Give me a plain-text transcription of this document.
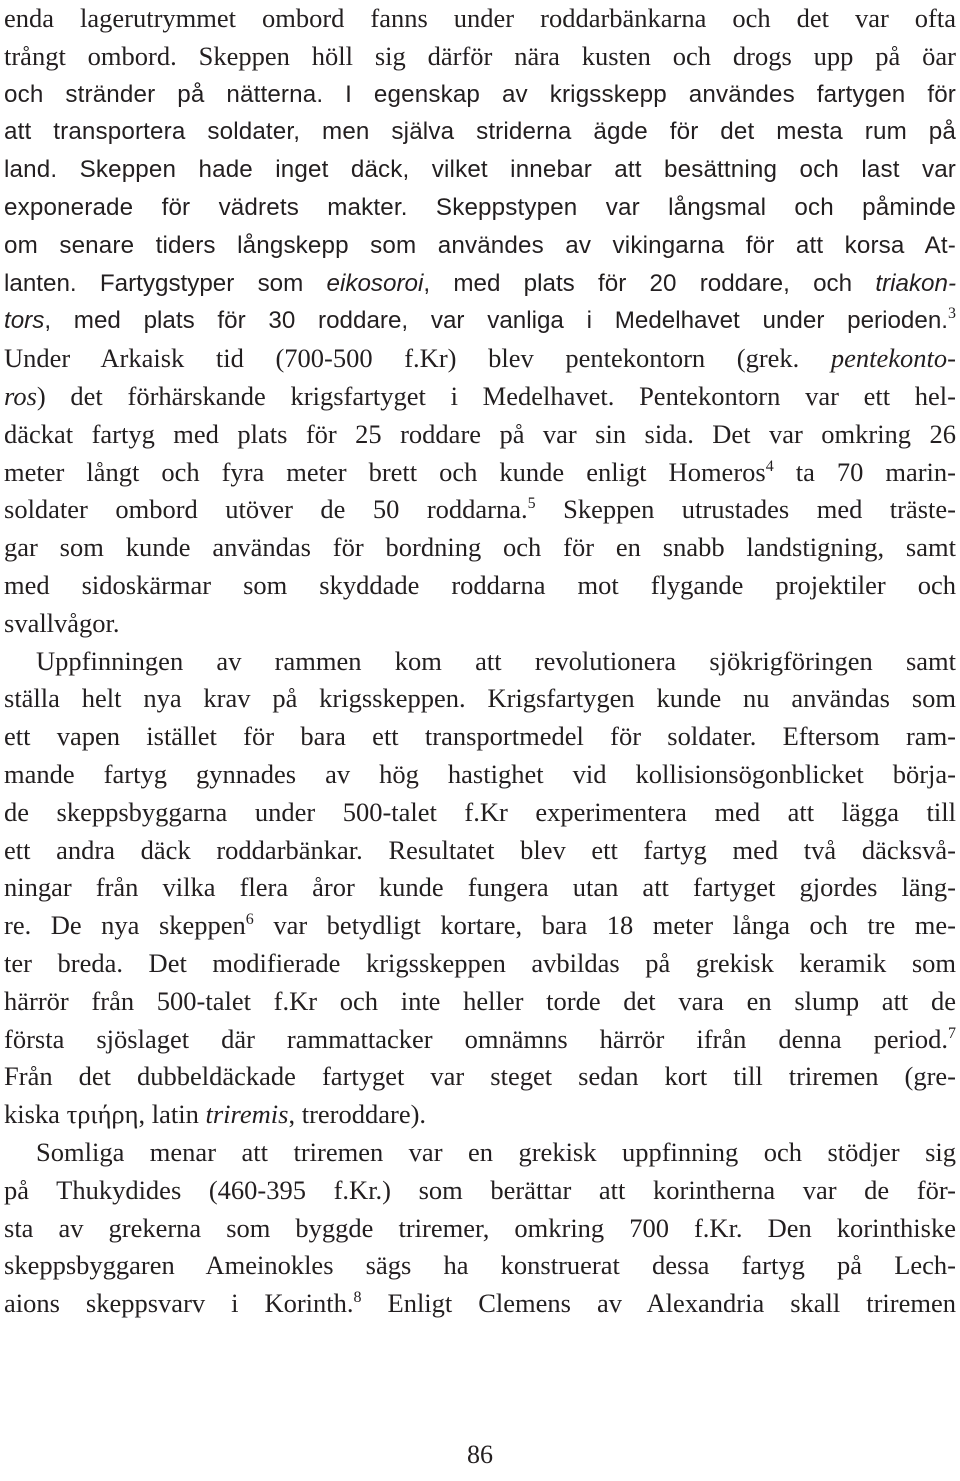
enda lagerutrymmet ombord fanns under roddarbänkarna och det var ofta
trångt ombord. Skeppen höll sig därför nära kusten och drogs upp på öar
och stränder på nätterna. I egenskap av krigsskepp användes fartygen för
att transportera soldater, men själva striderna ägde för det mesta rum på
land. Skeppen hade inget däck, vilket innebar att besättning och last var
exponerade för vädrets makter. Skeppstypen var långsmal och påminde
om senare tiders långskepp som användes av vikingarna för att korsa At-
lanten. Fartygstyper som eikosoroi, med plats för 20 roddare, och triakon-
tors, med plats för 30 roddare, var vanliga i Medelhavet under perioden.$^3$
Under Arkaisk tid (700-500 f.Kr) blev pentekontorn (grek. pentekonto-
ros) det förhärskande krigsfartyget i Medelhavet. Pentekontorn var ett hel-
däckat fartyg med plats för 25 roddare på var sin sida. Det var omkring 26
meter långt och fyra meter brett och kunde enligt Homeros$^4$ ta 70 marin-
soldater ombord utöver de 50 roddarna.$^5$ Skeppen utrustades med träste-
gar som kunde användas för bordning och för en snabb landstigning, samt
med sidoskärmar som skyddade roddarna mot flygande projektiler och
svallvågor.

Uppfinningen av rammen kom att revolutionera sjökrigföringen samt
ställa helt nya krav på krigsskeppen. Krigsfartygen kunde nu användas som
ett vapen istället för bara ett transportmedel för soldater. Eftersom ram-
mande fartyg gynnades av hög hastighet vid kollisionsögonblicket börja-
de skeppsbyggarna under 500-talet f.Kr experimentera med att lägga till
ett andra däck roddarbänkar. Resultatet blev ett fartyg med två däcksvå-
ningar från vilka flera åror kunde fungera utan att fartyget gjordes läng-
re. De nya skeppen$^6$ var betydligt kortare, bara 18 meter långa och tre me-
ter breda. Det modifierade krigsskeppen avbildas på grekisk keramik som
härrör från 500-talet f.Kr och inte heller torde det vara en slump att de
första sjöslaget där rammattacker omnämns härrör ifrån denna period.$^7$
Från det dubbeldäckade fartyget var steget sedan kort till triremen (gre-
kiska τριήρη, latin triremis, treroddare).

Somliga menar att triremen var en grekisk uppfinning och stödjer sig
på Thukydides (460-395 f.Kr.) som berättar att korintherna var de för-
sta av grekerna som byggde triremer, omkring 700 f.Kr. Den korinthiske
skeppsbyggaren Ameinokles sägs ha konstruerat dessa fartyg på Lech-
aions skeppsvarv i Korinth.$^8$ Enligt Clemens av Alexandria skall triremen

86
